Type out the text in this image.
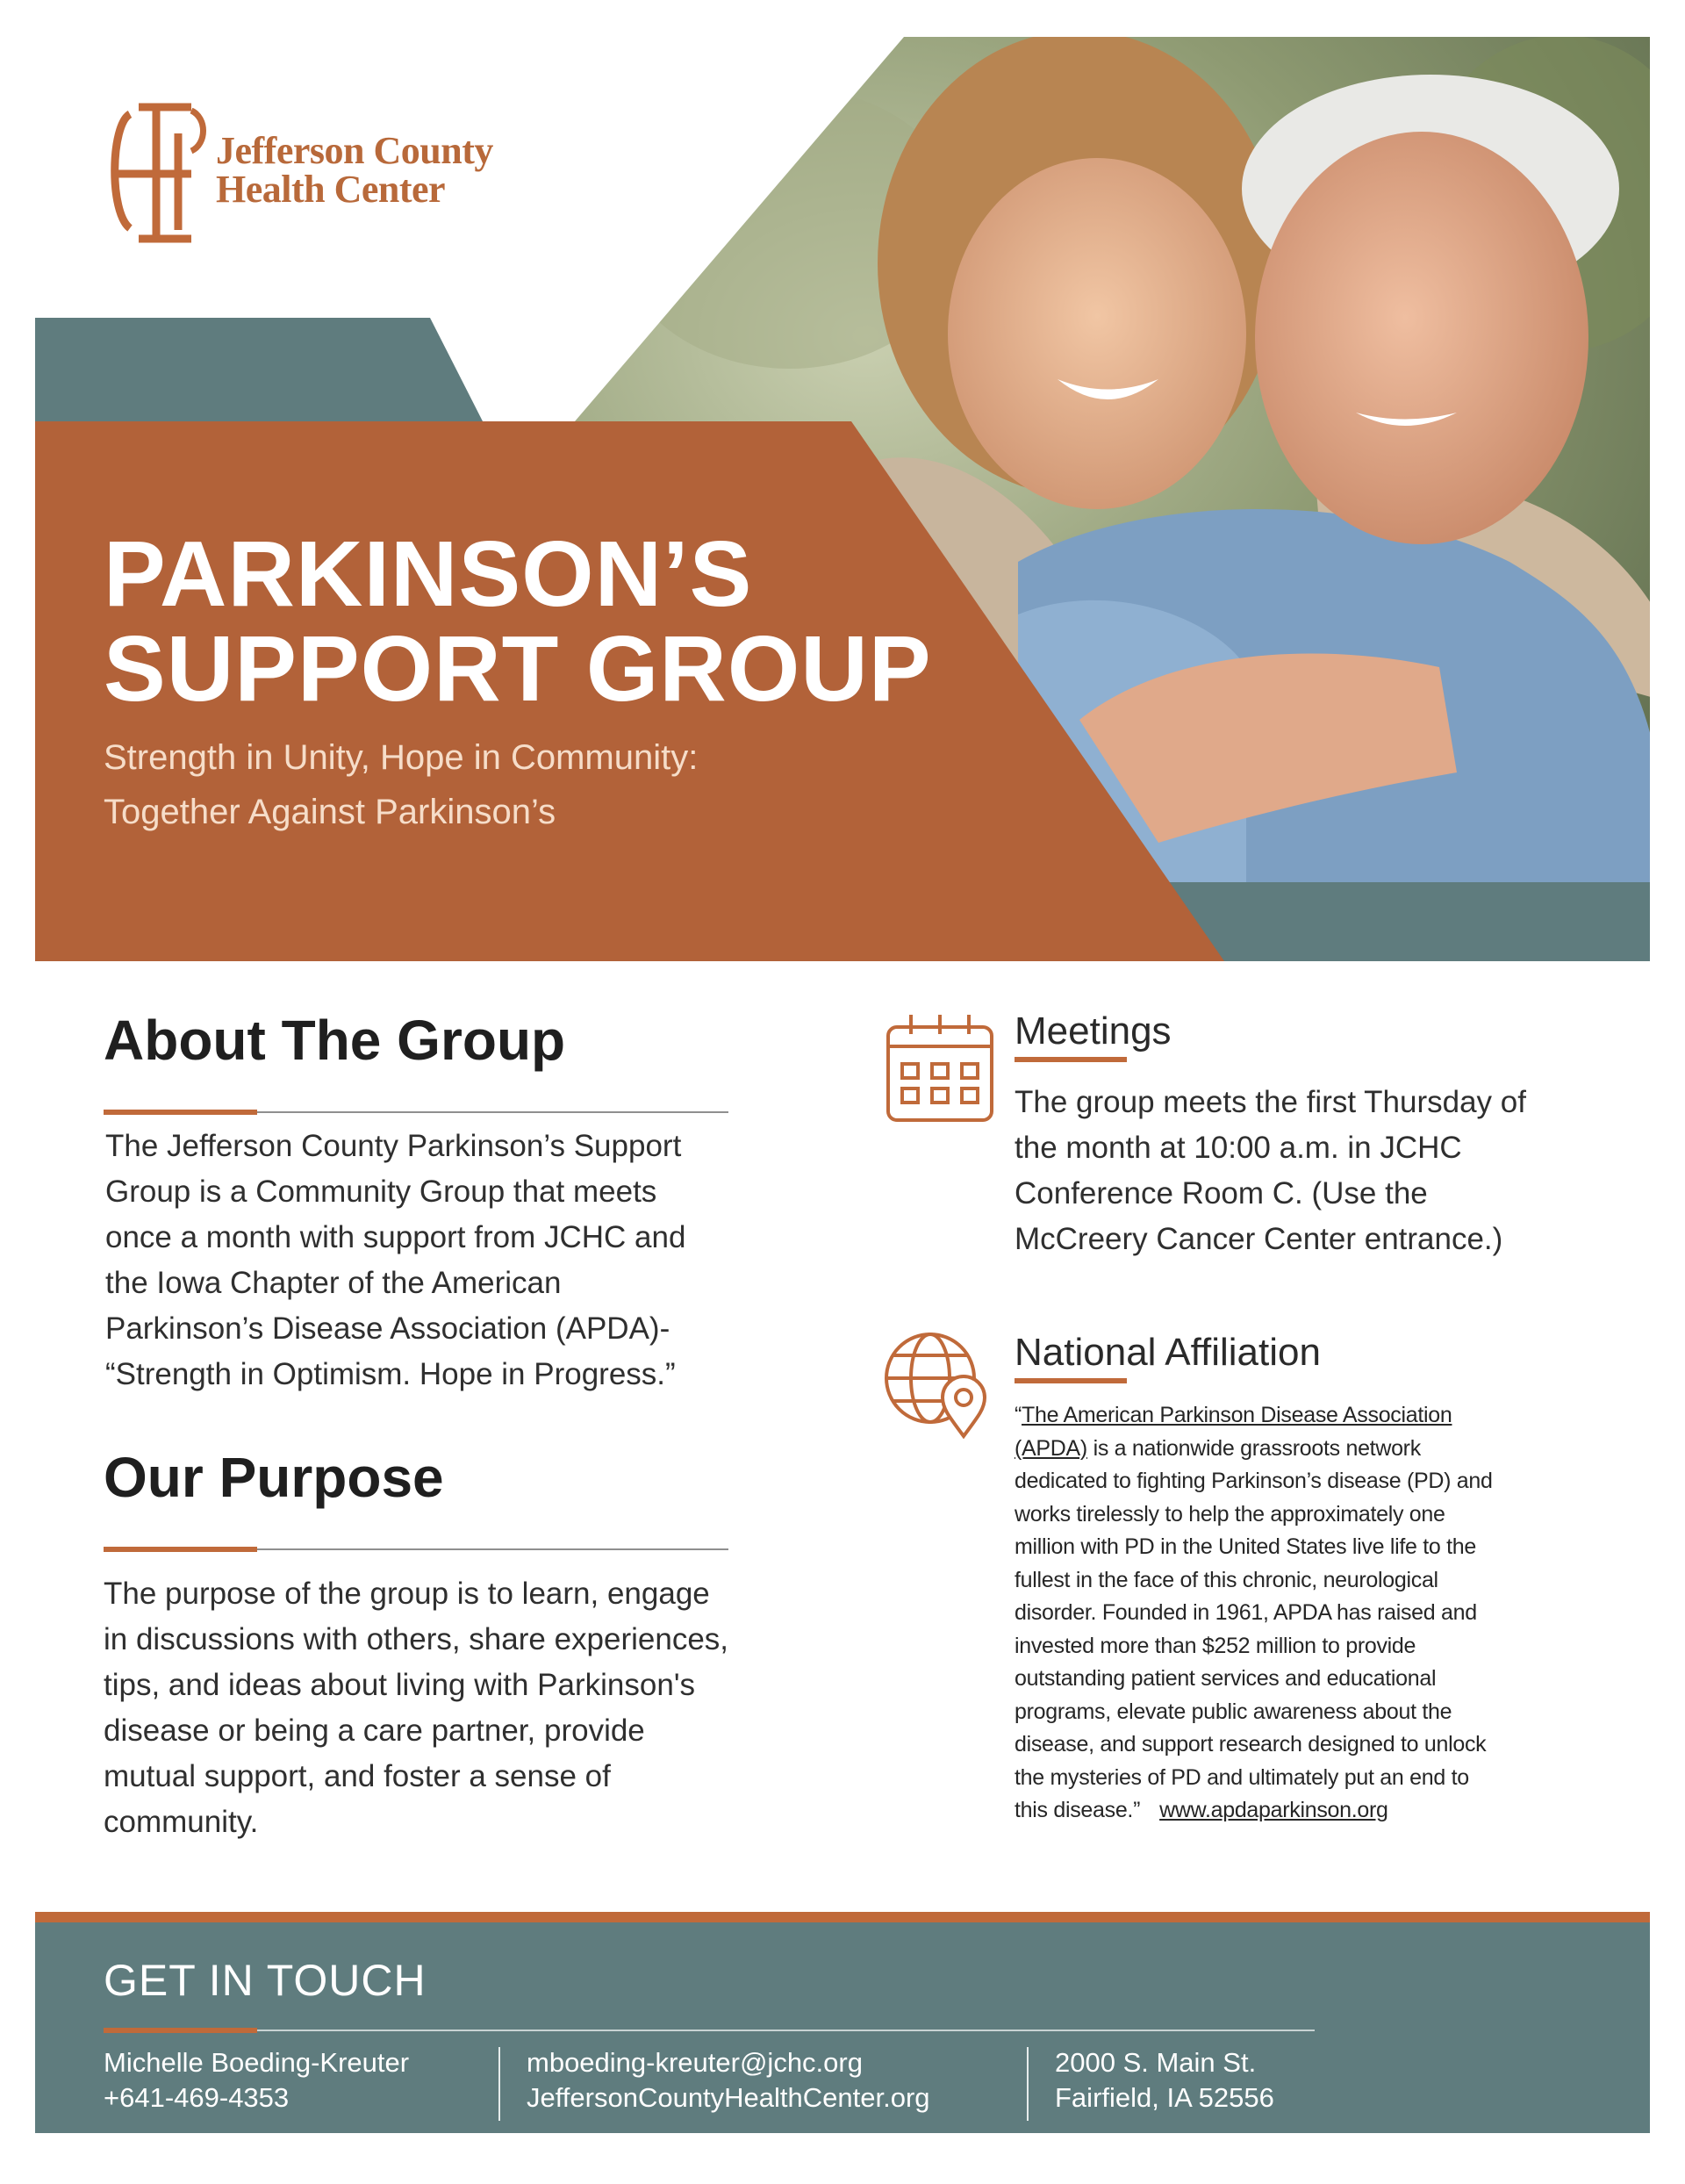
Jefferson County
Health Center
PARKINSON’S
SUPPORT GROUP
Strength in Unity, Hope in Community:
Together Against Parkinson’s
About The Group
The Jefferson County Parkinson’s Support
Group is a Community Group that meets
once a month with support from JCHC and
the Iowa Chapter of the American
Parkinson’s Disease Association (APDA)-
“Strength in Optimism. Hope in Progress.”
Our Purpose
The purpose of the group is to learn, engage
in discussions with others, share experiences,
tips, and ideas about living with Parkinson's
disease or being a care partner, provide
mutual support, and foster a sense of
community.
Meetings
The group meets the first Thursday of
the month at 10:00 a.m. in JCHC
Conference Room C. (Use the
McCreery Cancer Center entrance.)
National Affiliation
“The American Parkinson Disease Association
(APDA) is a nationwide grassroots network
dedicated to fighting Parkinson’s disease (PD) and
works tirelessly to help the approximately one
million with PD in the United States live life to the
fullest in the face of this chronic, neurological
disorder. Founded in 1961, APDA has raised and
invested more than $252 million to provide
outstanding patient services and educational
programs, elevate public awareness about the
disease, and support research designed to unlock
the mysteries of PD and ultimately put an end to
this disease.” www.apdaparkinson.org
GET IN TOUCH
Michelle Boeding-Kreuter
+641-469-4353
mboeding-kreuter@jchc.org
JeffersonCountyHealthCenter.org
2000 S. Main St.
Fairfield, IA 52556
